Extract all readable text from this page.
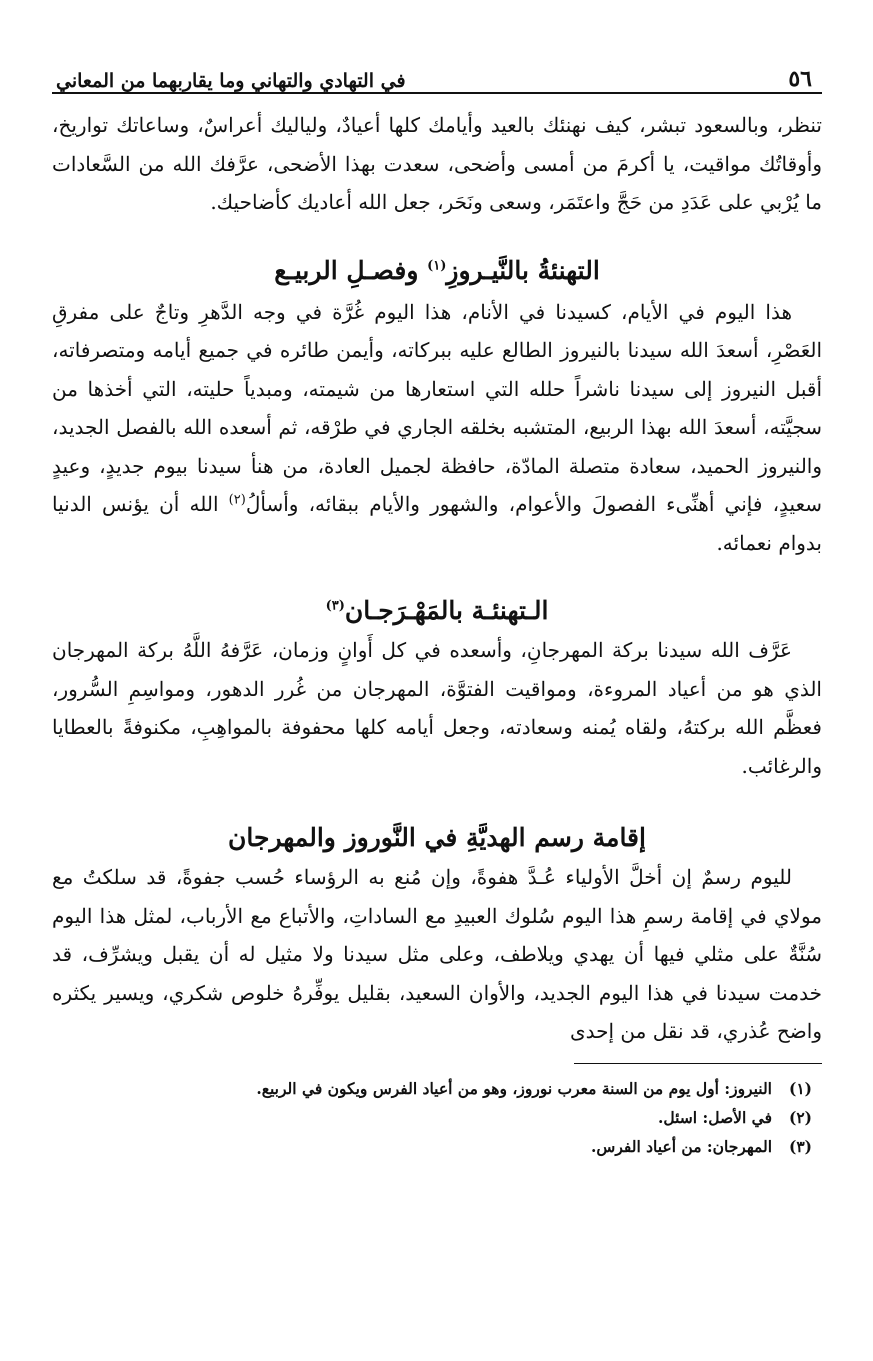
٥٦
في التهادي والتهاني وما يقاربهما من المعاني

تنظر، وبالسعود تبشر، كيف نهنئك بالعيد وأيامك كلها أعيادٌ، ولياليك أعراسٌ، وساعاتك تواريخ، وأوقاتُك مواقيت، يا أكرمَ من أمسى وأضحى، سعدت بهذا الأضحى، عرَّفك الله من السَّعادات ما يُرْبي على عَدَدِ من حَجَّ واعتَمَر، وسعى ونَحَر، جعل الله أعاديك كأضاحيك.

التهنئةُ بالنَّيـروزِ$^{(١)}$ وفصـلِ الربيـع

هذا اليوم في الأيام، كسيدنا في الأنام، هذا اليوم غُرَّة في وجه الدَّهرِ وتاجٌ على مفرقِ العَصْرِ، أسعدَ الله سيدنا بالنيروز الطالع عليه ببركاته، وأيمن طائره في جميع أيامه ومتصرفاته، أقبل النيروز إلى سيدنا ناشراً حلله التي استعارها من شيمته، ومبدياً حليته، التي أخذها من سجيَّته، أسعدَ الله بهذا الربيع، المتشبه بخلقه الجاري في طرْقه، ثم أسعده الله بالفصل الجديد، والنيروز الحميد، سعادة متصلة المادّة، حافظة لجميل العادة، من هنأ سيدنا بيوم جديدٍ، وعيدٍ سعيدٍ، فإني أهنِّىء الفصولَ والأعوام، والشهور والأيام ببقائه، وأسألُ$^{(٢)}$ الله أن يؤنس الدنيا بدوام نعمائه.

الـتهنئـة بالمَهْـرَجـان$^{(٣)}$

عَرَّف الله سيدنا بركة المهرجانِ، وأسعده في كل أَوانٍ وزمان، عَرَّفهُ اللَّهُ بركة المهرجان الذي هو من أعياد المروءة، ومواقيت الفتوَّة، المهرجان من غُرر الدهور، ومواسِمِ السُّرور، فعظَّم الله بركتهُ، ولقاه يُمنه وسعادته، وجعل أيامه كلها محفوفة بالمواهِبِ، مكنوفةً بالعطايا والرغائب.

إقامة رسم الهديَّةِ في النَّوروز والمهرجان

لليوم رسمٌ إن أخلَّ الأولياء عُـدَّ هفوةً، وإن مُنع به الرؤساء حُسب جفوةً، قد سلكتُ مع مولاي في إقامة رسمِ هذا اليوم سُلوك العبيدِ مع الساداتِ، والأتباع مع الأرباب، لمثل هذا اليوم سُنَّةٌ على مثلي فيها أن يهدي ويلاطف، وعلى مثل سيدنا ولا مثيل له أن يقبل ويشرِّف، قد خدمت سيدنا في هذا اليوم الجديد، والأوان السعيد، بقليل يوفِّرهُ خلوص شكري، ويسير يكثره واضح عُذري، قد نقل من إحدى

(١)
النيروز: أول يوم من السنة معرب نوروز، وهو من أعياد الفرس ويكون في الربيع.
(٢)
في الأصل: اسئل.
(٣)
المهرجان: من أعياد الفرس.
